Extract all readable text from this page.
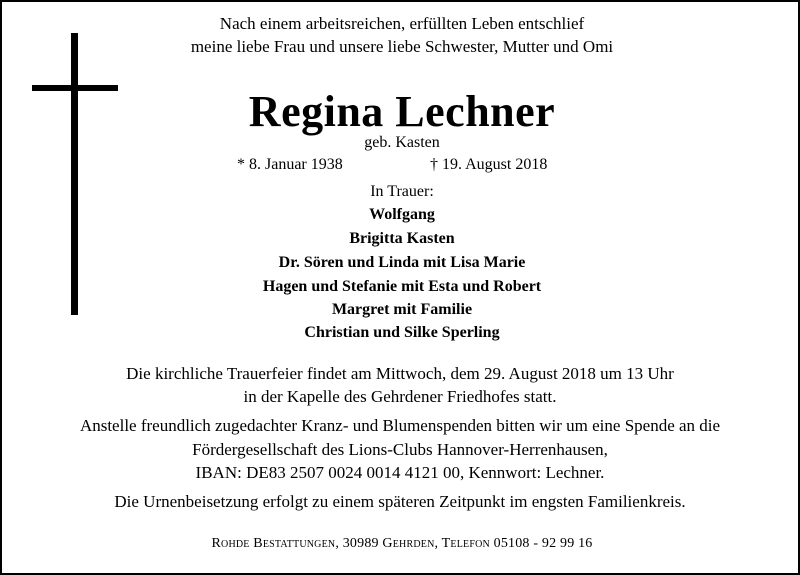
Nach einem arbeitsreichen, erfüllten Leben entschlief
meine liebe Frau und unsere liebe Schwester, Mutter und Omi
Regina Lechner
geb. Kasten
* 8. Januar 1938	† 19. August 2018
In Trauer:
Wolfgang
Brigitta Kasten
Dr. Sören und Linda mit Lisa Marie
Hagen und Stefanie mit Esta und Robert
Margret mit Familie
Christian und Silke Sperling
Die kirchliche Trauerfeier findet am Mittwoch, dem 29. August 2018 um 13 Uhr
in der Kapelle des Gehrdener Friedhofes statt.
Anstelle freundlich zugedachter Kranz- und Blumenspenden bitten wir um eine Spende an die
Fördergesellschaft des Lions-Clubs Hannover-Herrenhausen,
IBAN: DE83 2507 0024 0014 4121 00, Kennwort: Lechner.
Die Urnenbeisetzung erfolgt zu einem späteren Zeitpunkt im engsten Familienkreis.
Rohde Bestattungen, 30989 Gehrden, Telefon 05108 - 92 99 16
